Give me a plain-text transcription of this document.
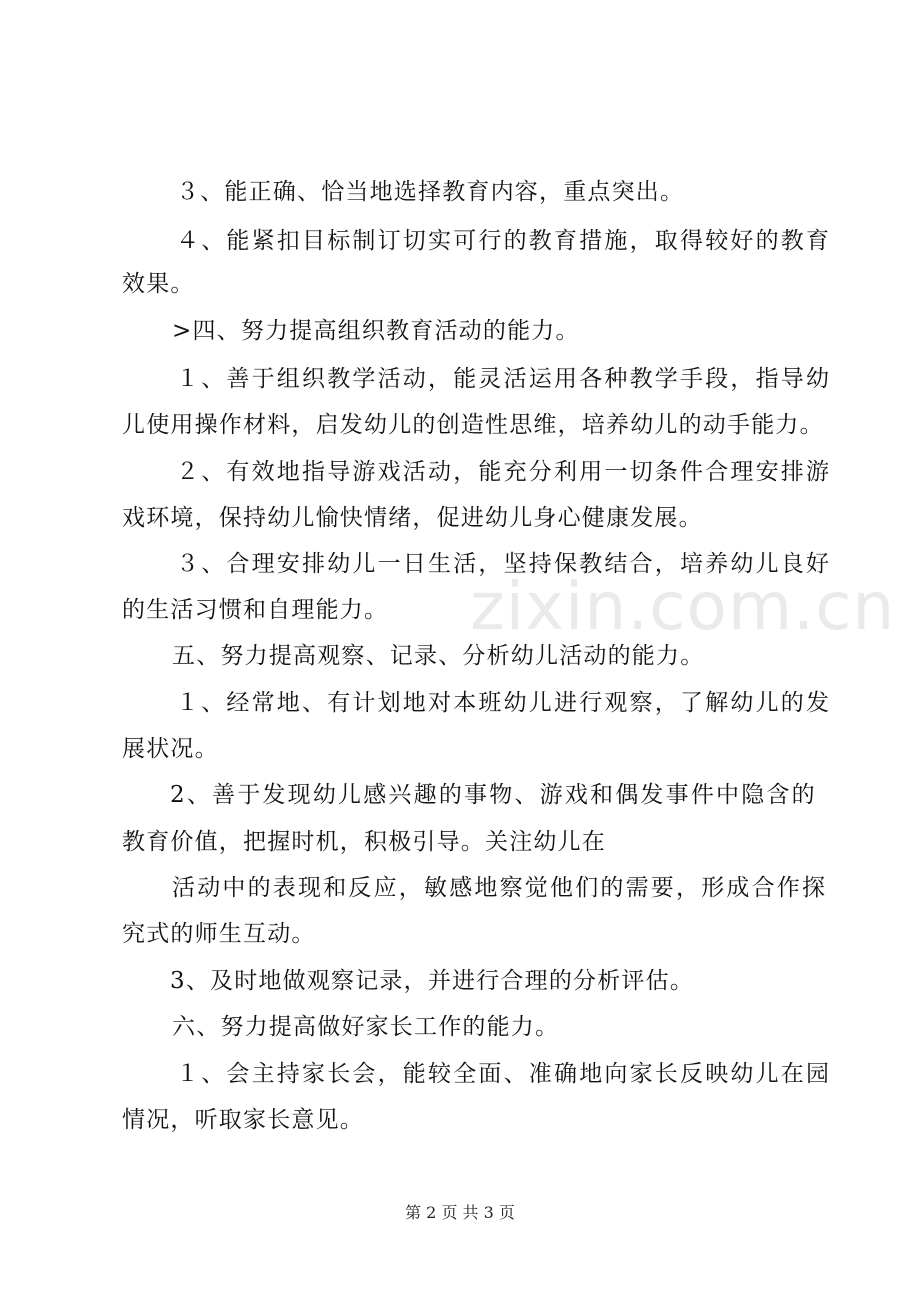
３、能正确、恰当地选择教育内容，重点突出。
４、能紧扣目标制订切实可行的教育措施，取得较好的教育
效果。
>四、努力提高组织教育活动的能力。
１、善于组织教学活动，能灵活运用各种教学手段，指导幼
儿使用操作材料，启发幼儿的创造性思维，培养幼儿的动手能力。
２、有效地指导游戏活动，能充分利用一切条件合理安排游
戏环境，保持幼儿愉快情绪，促进幼儿身心健康发展。
３、合理安排幼儿一日生活，坚持保教结合，培养幼儿良好
的生活习惯和自理能力。
五、努力提高观察、记录、分析幼儿活动的能力。
１、经常地、有计划地对本班幼儿进行观察，了解幼儿的发
展状况。
2、善于发现幼儿感兴趣的事物、游戏和偶发事件中隐含的
教育价值，把握时机，积极引导。关注幼儿在
活动中的表现和反应，敏感地察觉他们的需要，形成合作探
究式的师生互动。
3、及时地做观察记录，并进行合理的分析评估。
六、努力提高做好家长工作的能力。
１、会主持家长会，能较全面、准确地向家长反映幼儿在园
情况，听取家长意见。
zixin.com.cn
第 2 页 共 3 页
